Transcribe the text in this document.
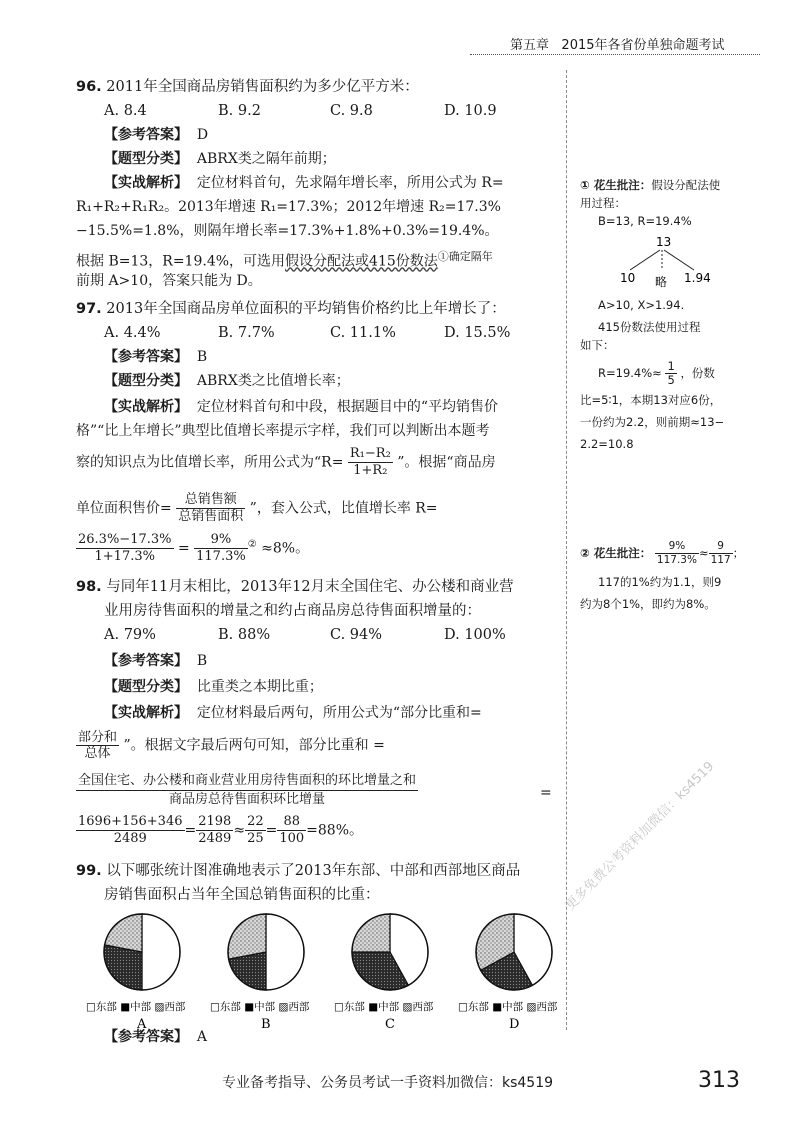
第五章 2015年各省份单独命题考试
96. 2011年全国商品房销售面积约为多少亿平方米：
A. 8.4	B. 9.2	C. 9.8	D. 10.9
【参考答案】 D
【题型分类】 ABRX类之隔年前期；
【实战解析】 定位材料首句，先求隔年增长率，所用公式为 R=
R₁+R₂+R₁R₂。2013年增速 R₁=17.3%；2012年增速 R₂=17.3%
−15.5%=1.8%，则隔年增长率=17.3%+1.8%+0.3%=19.4%。
根据 B=13，R=19.4%，可选用假设分配法或415份数法$^{①确定隔年}$
前期 A>10，答案只能为 D。
97. 2013年全国商品房单位面积的平均销售价格约比上年增长了：
A. 4.4%	B. 7.7%	C. 11.1%	D. 15.5%
【参考答案】 B
【题型分类】 ABRX类之比值增长率；
【实战解析】 定位材料首句和中段，根据题目中的“平均销售价
格”“比上年增长”典型比值增长率提示字样，我们可以判断出本题考
察的知识点为比值增长率，所用公式为“$R= \frac{\text{R₁−R₂}}{\text{1+R₂}}$ ”。根据“商品房
单位面积售价= $\frac{\text{总销售额}}{\text{总销售面积}}$ ”，套入公式，比值增长率 R=
$\frac{26.3\%-17.3\%}{1+17.3\%} = \frac{9\%}{117.3\%} ^② \approx 8\%$。
98. 与同年11月末相比，2013年12月末全国住宅、办公楼和商业营
业用房待售面积的增量之和约占商品房总待售面积增量的：
A. 79%	B. 88%	C. 94%	D. 100%
【参考答案】 B
【题型分类】 比重类之本期比重；
【实战解析】 定位材料最后两句，所用公式为“部分比重和=
$\frac{\text{部分和}}{\text{总体}}$ ”。根据文字最后两句可知，部分比重和 =
$\frac{\text{全国住宅、办公楼和商业营业用房待售面积的环比增量之和}}{\text{商品房总待售面积环比增量}}$	=
$\frac{1696+156+346}{2489} = \frac{2198}{2489} \approx \frac{22}{25} = \frac{88}{100} =88\%$。
99. 以下哪张统计图准确地表示了2013年东部、中部和西部地区商品
房销售面积占当年全国总销售面积的比重：
□东部 ■中部 ▨西部
A
□东部 ■中部 ▨西部
B
□东部 ■中部 ▨西部
C
□东部 ■中部 ▨西部
D
【参考答案】 A
① 花生批注：假设分配法使
用过程：
B=13, R=19.4%
13
10 略 1.94
A>10, X>1.94.
415份数法使用过程
如下：
$R=19.4\%\approx \frac{1}{5}$ ，份数
比=5∶1，本期13对应6份，
一份约为2.2，则前期≈13−
2.2=10.8
② 花生批注： $\frac{9\%}{117.3\%} \approx \frac{9}{117}$ ；
117的1%约为1.1，则9
约为8个1%，即约为8%。
专业备考指导、公务员考试一手资料加微信：ks4519	313
更多免费公考资料加微信：ks4519
